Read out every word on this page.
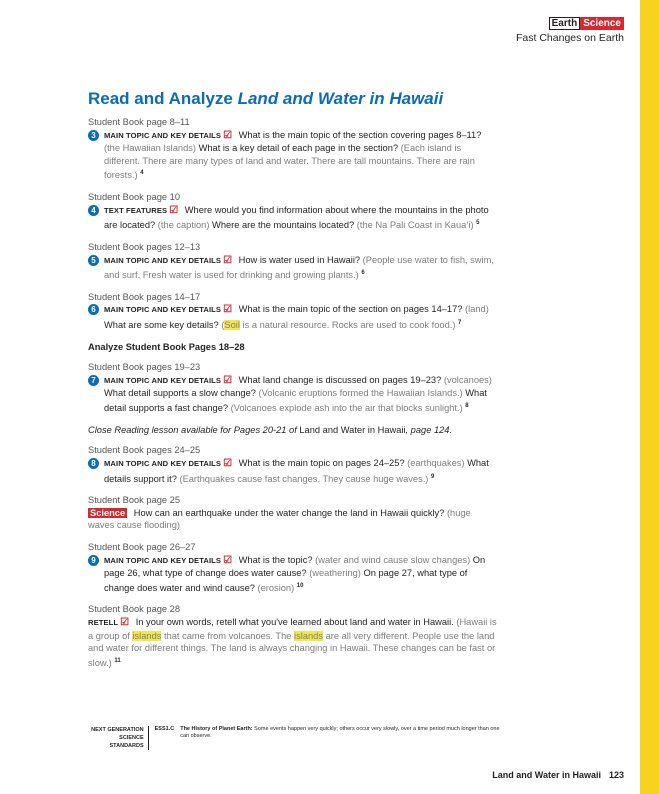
Earth Science
Fast Changes on Earth
Read and Analyze Land and Water in Hawaii
Student Book page 8–11
3	MAIN TOPIC AND KEY DETAILS ☑ What is the main topic of the section covering pages 8–11? (the Hawaiian Islands) What is a key detail of each page in the section? (Each island is different. There are many types of land and water. There are tall mountains. There are rain forests.) $^4$
Student Book page 10
4	TEXT FEATURES ☑ Where would you find information about where the mountains in the photo are located? (the caption) Where are the mountains located? (the Na Pali Coast in Kaua‘i) $^5$
Student Book pages 12–13
5	MAIN TOPIC AND KEY DETAILS ☑ How is water used in Hawaii? (People use water to fish, swim, and surf. Fresh water is used for drinking and growing plants.) $^6$
Student Book pages 14–17
6	MAIN TOPIC AND KEY DETAILS ☑ What is the main topic of the section on pages 14–17? (land) What are some key details? (Soil is a natural resource. Rocks are used to cook food.) $^7$
Analyze Student Book Pages 18–28
Student Book pages 19–23
7	MAIN TOPIC AND KEY DETAILS ☑ What land change is discussed on pages 19–23? (volcanoes) What detail supports a slow change? (Volcanic eruptions formed the Hawaiian Islands.) What detail supports a fast change? (Volcanoes explode ash into the air that blocks sunlight.) $^8$
Close Reading lesson available for Pages 20-21 of Land and Water in Hawaii, page 124.
Student Book pages 24–25
8	MAIN TOPIC AND KEY DETAILS ☑ What is the main topic on pages 24–25? (earthquakes) What details support it? (Earthquakes cause fast changes. They cause huge waves.) $^9$
Student Book page 25
Science How can an earthquake under the water change the land in Hawaii quickly? (huge waves cause flooding)
Student Book page 26–27
9	MAIN TOPIC AND KEY DETAILS ☑ What is the topic? (water and wind cause slow changes) On page 26, what type of change does water cause? (weathering) On page 27, what type of change does water and wind cause? (erosion) $^{10}$
Student Book page 28
RETELL ☑ In your own words, retell what you've learned about land and water in Hawaii. (Hawaii is a group of islands that came from volcanoes. The islands are all very different. People use the land and water for different things. The land is always changing in Hawaii. These changes can be fast or slow.) $^{11}$
NEXT GENERATION SCIENCE STANDARDS
ESS1.C	The History of Planet Earth: Some events happen very quickly; others occur very slowly, over a time period much longer than one can observe.
Land and Water in Hawaii 123
